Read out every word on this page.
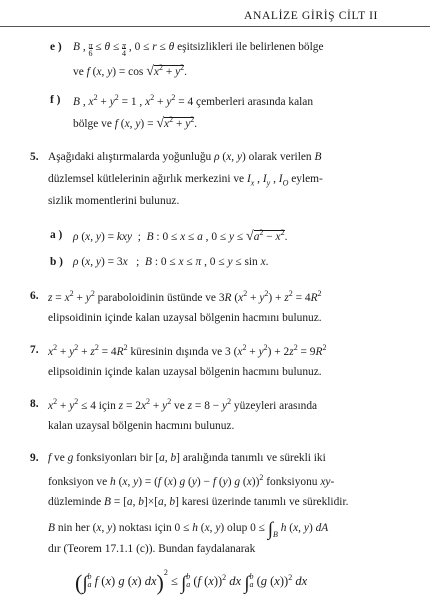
ANALİZE GİRİŞ CİLT II
e ) B , $\frac{\pi}{6} \le \theta \le \frac{\pi}{4}$ , 0 ≤ r ≤ θ eşitsizlikleri ile belirlenen bölge
ve f (x, $y) = \cos √x^2 + y^2$.
f ) B , $x^2 + y^2 = 1$ , $x^2 + y^2 = 4$ çemberleri arasında kalan
bölge ve f (x, $y) = √x^2 + y^2$.
5. Aşağıdaki alıştırmalarda yoğunluğu ρ (x, y) olarak verilen B
düzlemsel kütlelerinin ağırlık merkezini ve $I_x$ , $I_y$ , $I_O$ eylem-
sizlik momentlerini bulunuz.
a ) ρ (x, y) = kxy  ;  B : 0 ≤ x ≤ a , $0 \le y \le √a^2 - x^2$.
b ) ρ (x, y) = 3x   ;  B : 0 ≤ x ≤ π , 0 ≤ y ≤ sin x.
6. $z = x^2 + y^2$ paraboloidinin üstünde ve 3R $(x^2 + y^2) + z^2 = 4R^2$
elipsoidinin içinde kalan uzaysal bölgenin hacmını bulunuz.
7. $x^2 + y^2 + z^2 = 4R^2$ küresinin dışında ve 3 $(x^2 + y^2) + 2z^2 = 9R^2$
elipsoidinin içinde kalan uzaysal bölgenin hacmını bulunuz.
8. $x^2 + y^2 \le 4$ için $z = 2x^2 + y^2$ ve $z = 8 - y^2$ yüzeyleri arasında
kalan uzaysal bölgenin hacmını bulunuz.
9. f ve g fonksiyonları bir [a, b] aralığında tanımlı ve sürekli iki
fonksiyon ve h (x, y) = (f (x) g (y) − f (y) g (x))$^2$ fonksiyonu xy-
düzleminde B = [a, b]×[a, b] karesi üzerinde tanımlı ve süreklidir.
B nin her (x, y) noktası için 0 ≤ h (x, y) olup $0 \le \int_B$ h (x, y) dA
dır (Teorem 17.1.1 (c)). Bundan faydalanarak
(∫b
a f (x) g (x) dx)$^2$ ≤ ∫b
a (f (x))$^2$ dx ∫b
a (g (x))$^2$ dx
